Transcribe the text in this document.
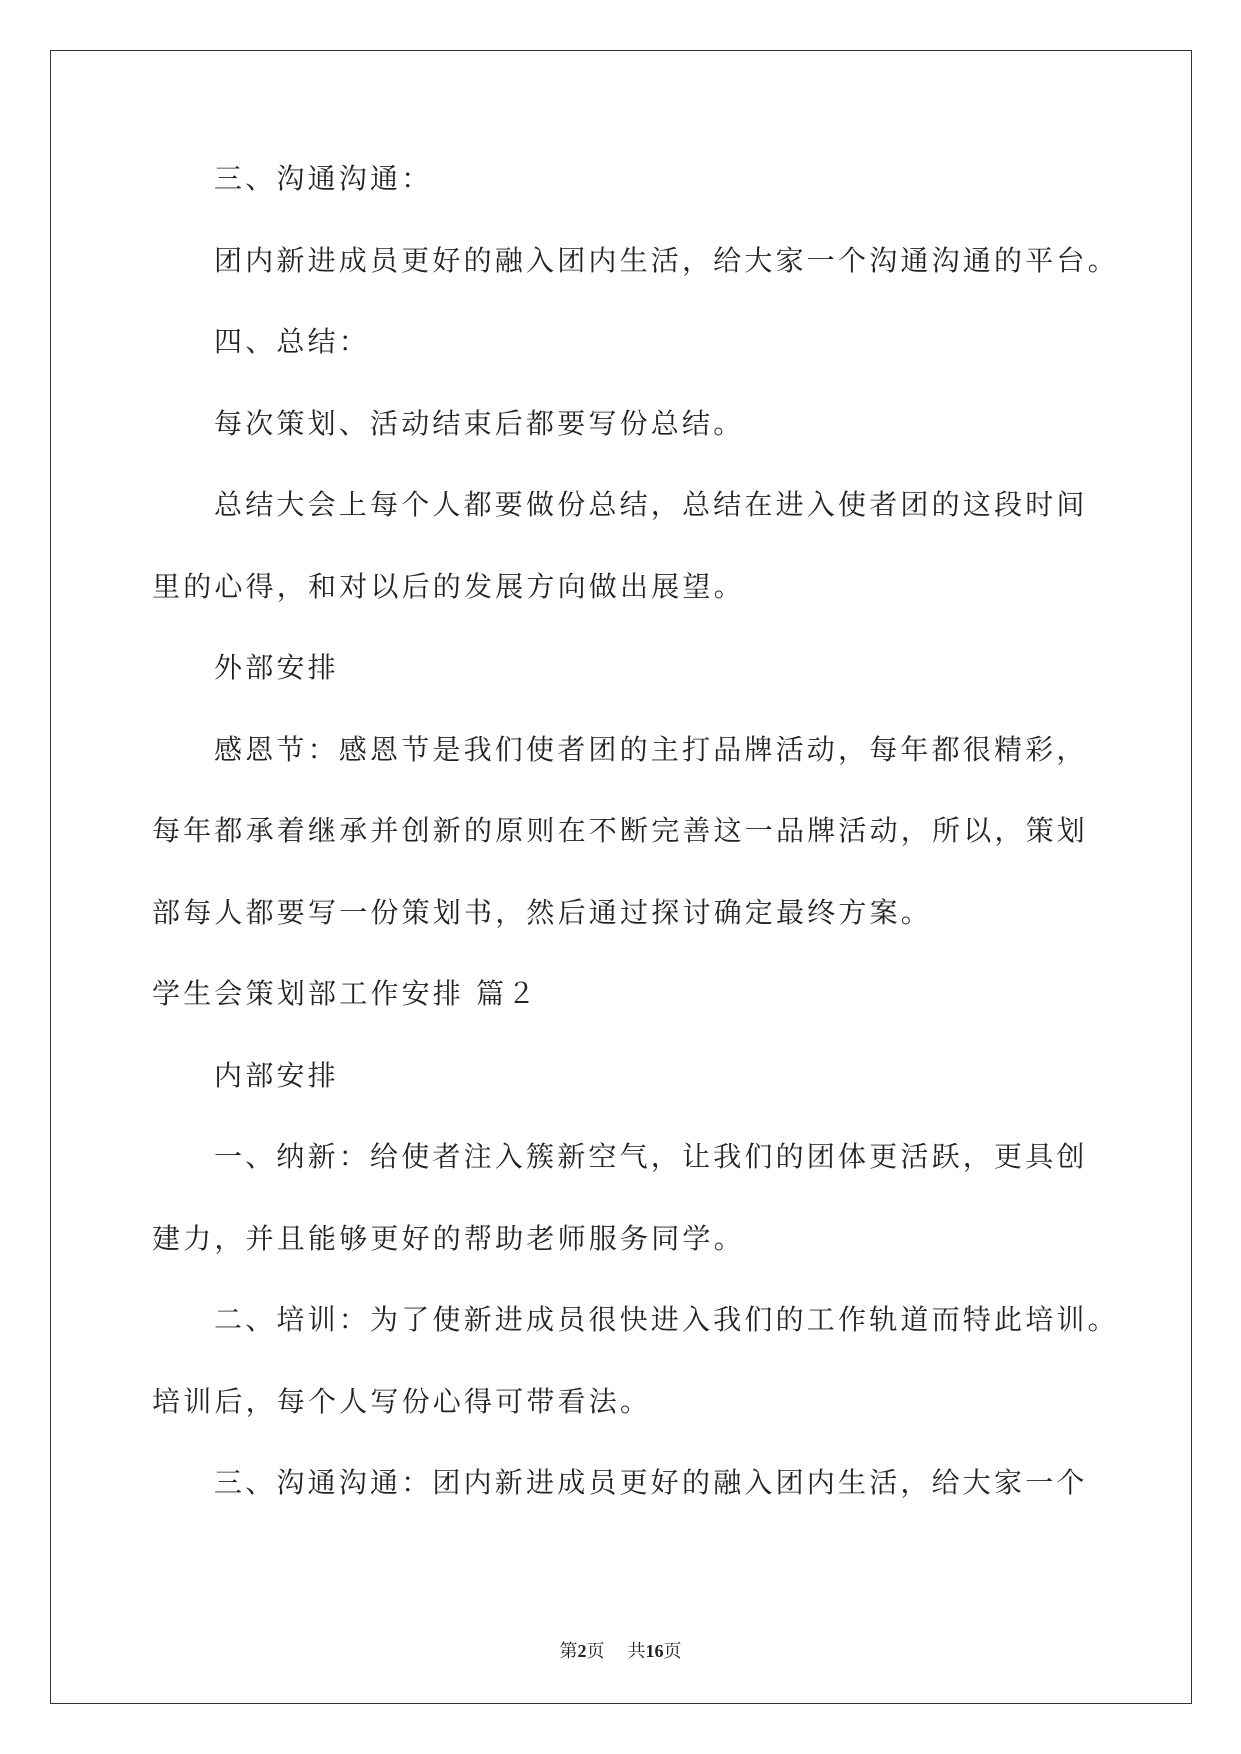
三、沟通沟通：
团内新进成员更好的融入团内生活，给大家一个沟通沟通的平台。
四、总结：
每次策划、活动结束后都要写份总结。
总结大会上每个人都要做份总结，总结在进入使者团的这段时间
里的心得，和对以后的发展方向做出展望。
外部安排
感恩节：感恩节是我们使者团的主打品牌活动，每年都很精彩，
每年都承着继承并创新的原则在不断完善这一品牌活动，所以，策划
部每人都要写一份策划书，然后通过探讨确定最终方案。
学生会策划部工作安排 篇２
内部安排
一、纳新：给使者注入簇新空气，让我们的团体更活跃，更具创
建力，并且能够更好的帮助老师服务同学。
二、培训：为了使新进成员很快进入我们的工作轨道而特此培训。
培训后，每个人写份心得可带看法。
三、沟通沟通：团内新进成员更好的融入团内生活，给大家一个
第2页 共16页
